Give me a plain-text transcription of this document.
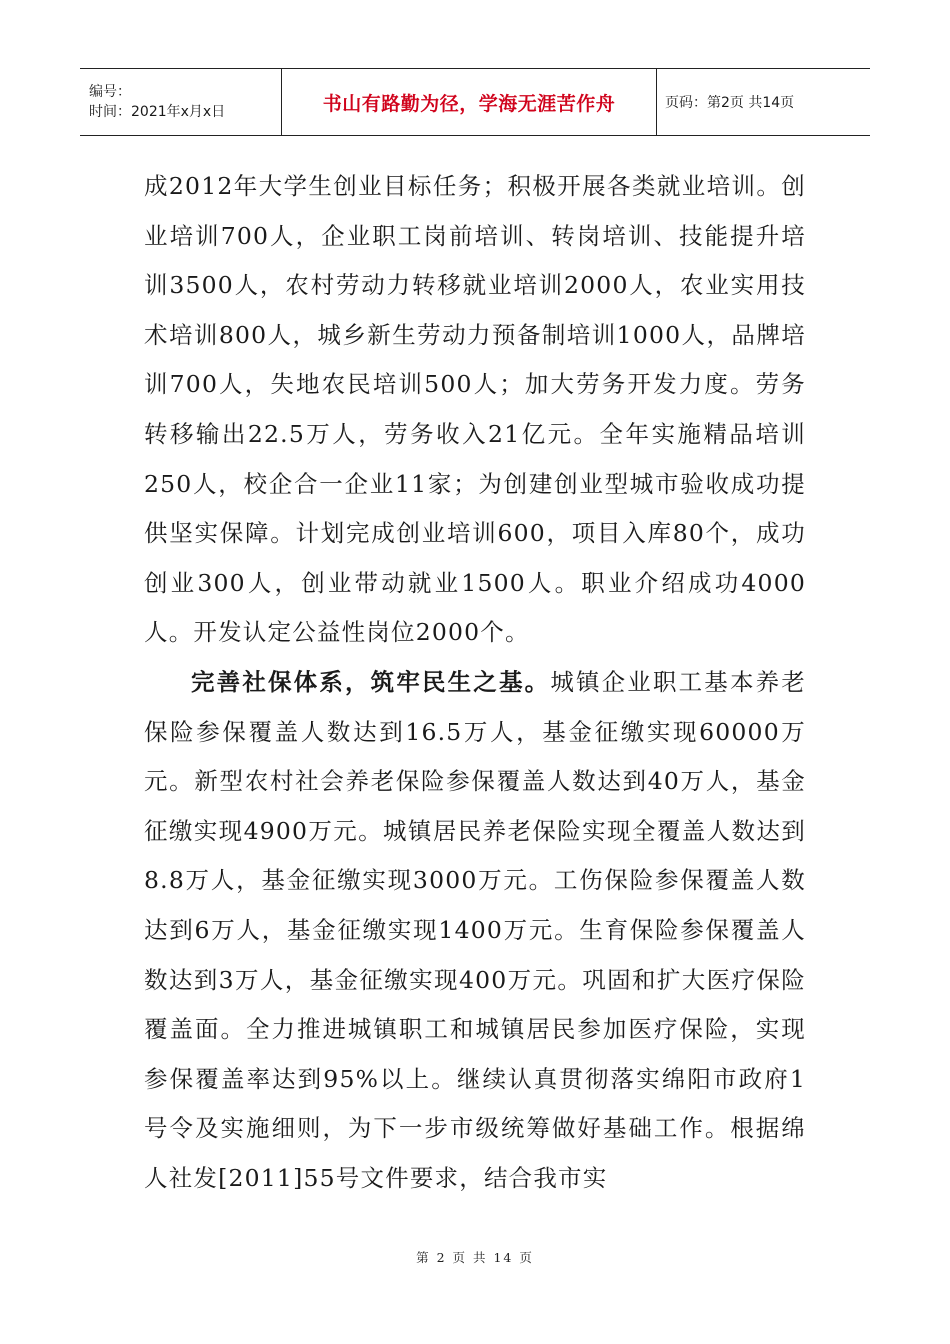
编号：
时间：2021年x月x日	书山有路勤为径，学海无涯苦作舟	页码：第2页 共14页

成2012年大学生创业目标任务；积极开展各类就业培训。创业培训700人，企业职工岗前培训、转岗培训、技能提升培训3500人，农村劳动力转移就业培训2000人，农业实用技术培训800人，城乡新生劳动力预备制培训1000人，品牌培训700人，失地农民培训500人；加大劳务开发力度。劳务转移输出22.5万人，劳务收入21亿元。全年实施精品培训250人，校企合一企业11家；为创建创业型城市验收成功提供坚实保障。计划完成创业培训600，项目入库80个，成功创业300人，创业带动就业1500人。职业介绍成功4000人。开发认定公益性岗位2000个。

完善社保体系，筑牢民生之基。城镇企业职工基本养老保险参保覆盖人数达到16.5万人，基金征缴实现60000万元。新型农村社会养老保险参保覆盖人数达到40万人，基金征缴实现4900万元。城镇居民养老保险实现全覆盖人数达到8.8万人，基金征缴实现3000万元。工伤保险参保覆盖人数达到6万人，基金征缴实现1400万元。生育保险参保覆盖人数达到3万人，基金征缴实现400万元。巩固和扩大医疗保险覆盖面。全力推进城镇职工和城镇居民参加医疗保险，实现参保覆盖率达到95%以上。继续认真贯彻落实绵阳市政府1号令及实施细则，为下一步市级统筹做好基础工作。根据绵人社发[2011]55号文件要求，结合我市实

第 2 页 共 14 页
